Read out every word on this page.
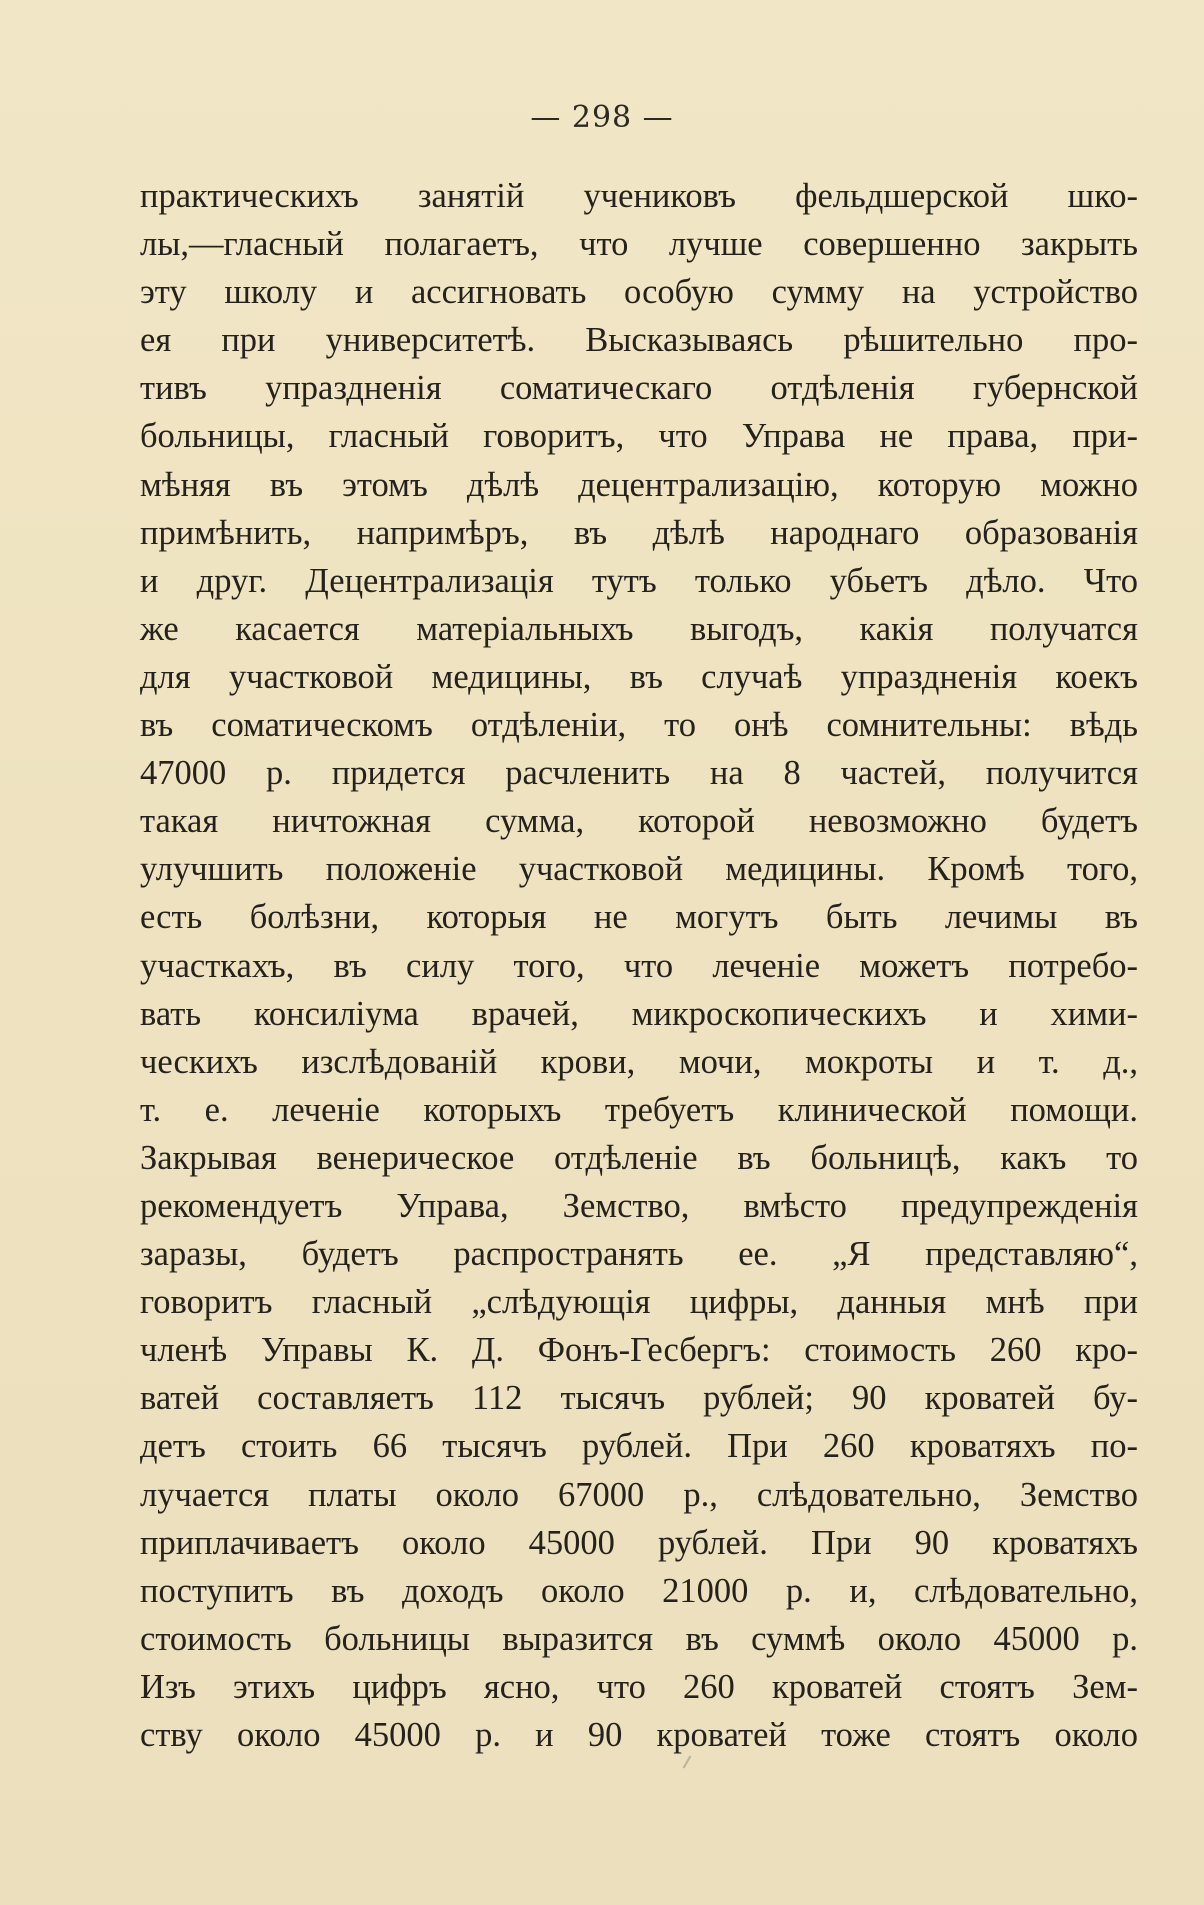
— 298 —
практическихъ занятій учениковъ фельдшерской шко-
лы,—гласный полагаетъ, что лучше совершенно закрыть
эту школу и ассигновать особую сумму на устройство
ея при университетѣ. Высказываясь рѣшительно про-
тивъ упраздненія соматическаго отдѣленія губернской
больницы, гласный говоритъ, что Управа не права, при-
мѣняя въ этомъ дѣлѣ децентрализацію, которую можно
примѣнить, напримѣръ, въ дѣлѣ народнаго образованія
и друг. Децентрализація тутъ только убьетъ дѣло. Что
же касается матеріальныхъ выгодъ, какія получатся
для участковой медицины, въ случаѣ упраздненія коекъ
въ соматическомъ отдѣленіи, то онѣ сомнительны: вѣдь
47000 р. придется расчленить на 8 частей, получится
такая ничтожная сумма, которой невозможно будетъ
улучшить положеніе участковой медицины. Кромѣ того,
есть болѣзни, которыя не могутъ быть лечимы въ
участкахъ, въ силу того, что леченіе можетъ потребо-
вать консиліума врачей, микроскопическихъ и хими-
ческихъ изслѣдованій крови, мочи, мокроты и т. д.,
т. е. леченіе которыхъ требуетъ клинической помощи.
Закрывая венерическое отдѣленіе въ больницѣ, какъ то
рекомендуетъ Управа, Земство, вмѣсто предупрежденія
заразы, будетъ распространять ее. „Я представляю“,
говоритъ гласный „слѣдующія цифры, данныя мнѣ при
членѣ Управы К. Д. Фонъ-Гесбергъ: стоимость 260 кро-
ватей составляетъ 112 тысячъ рублей; 90 кроватей бу-
детъ стоить 66 тысячъ рублей. При 260 кроватяхъ по-
лучается платы около 67000 р., слѣдовательно, Земство
приплачиваетъ около 45000 рублей. При 90 кроватяхъ
поступитъ въ доходъ около 21000 р. и, слѣдовательно,
стоимость больницы выразится въ суммѣ около 45000 р.
Изъ этихъ цифръ ясно, что 260 кроватей стоятъ Зем-
ству около 45000 р. и 90 кроватей тоже стоятъ около
